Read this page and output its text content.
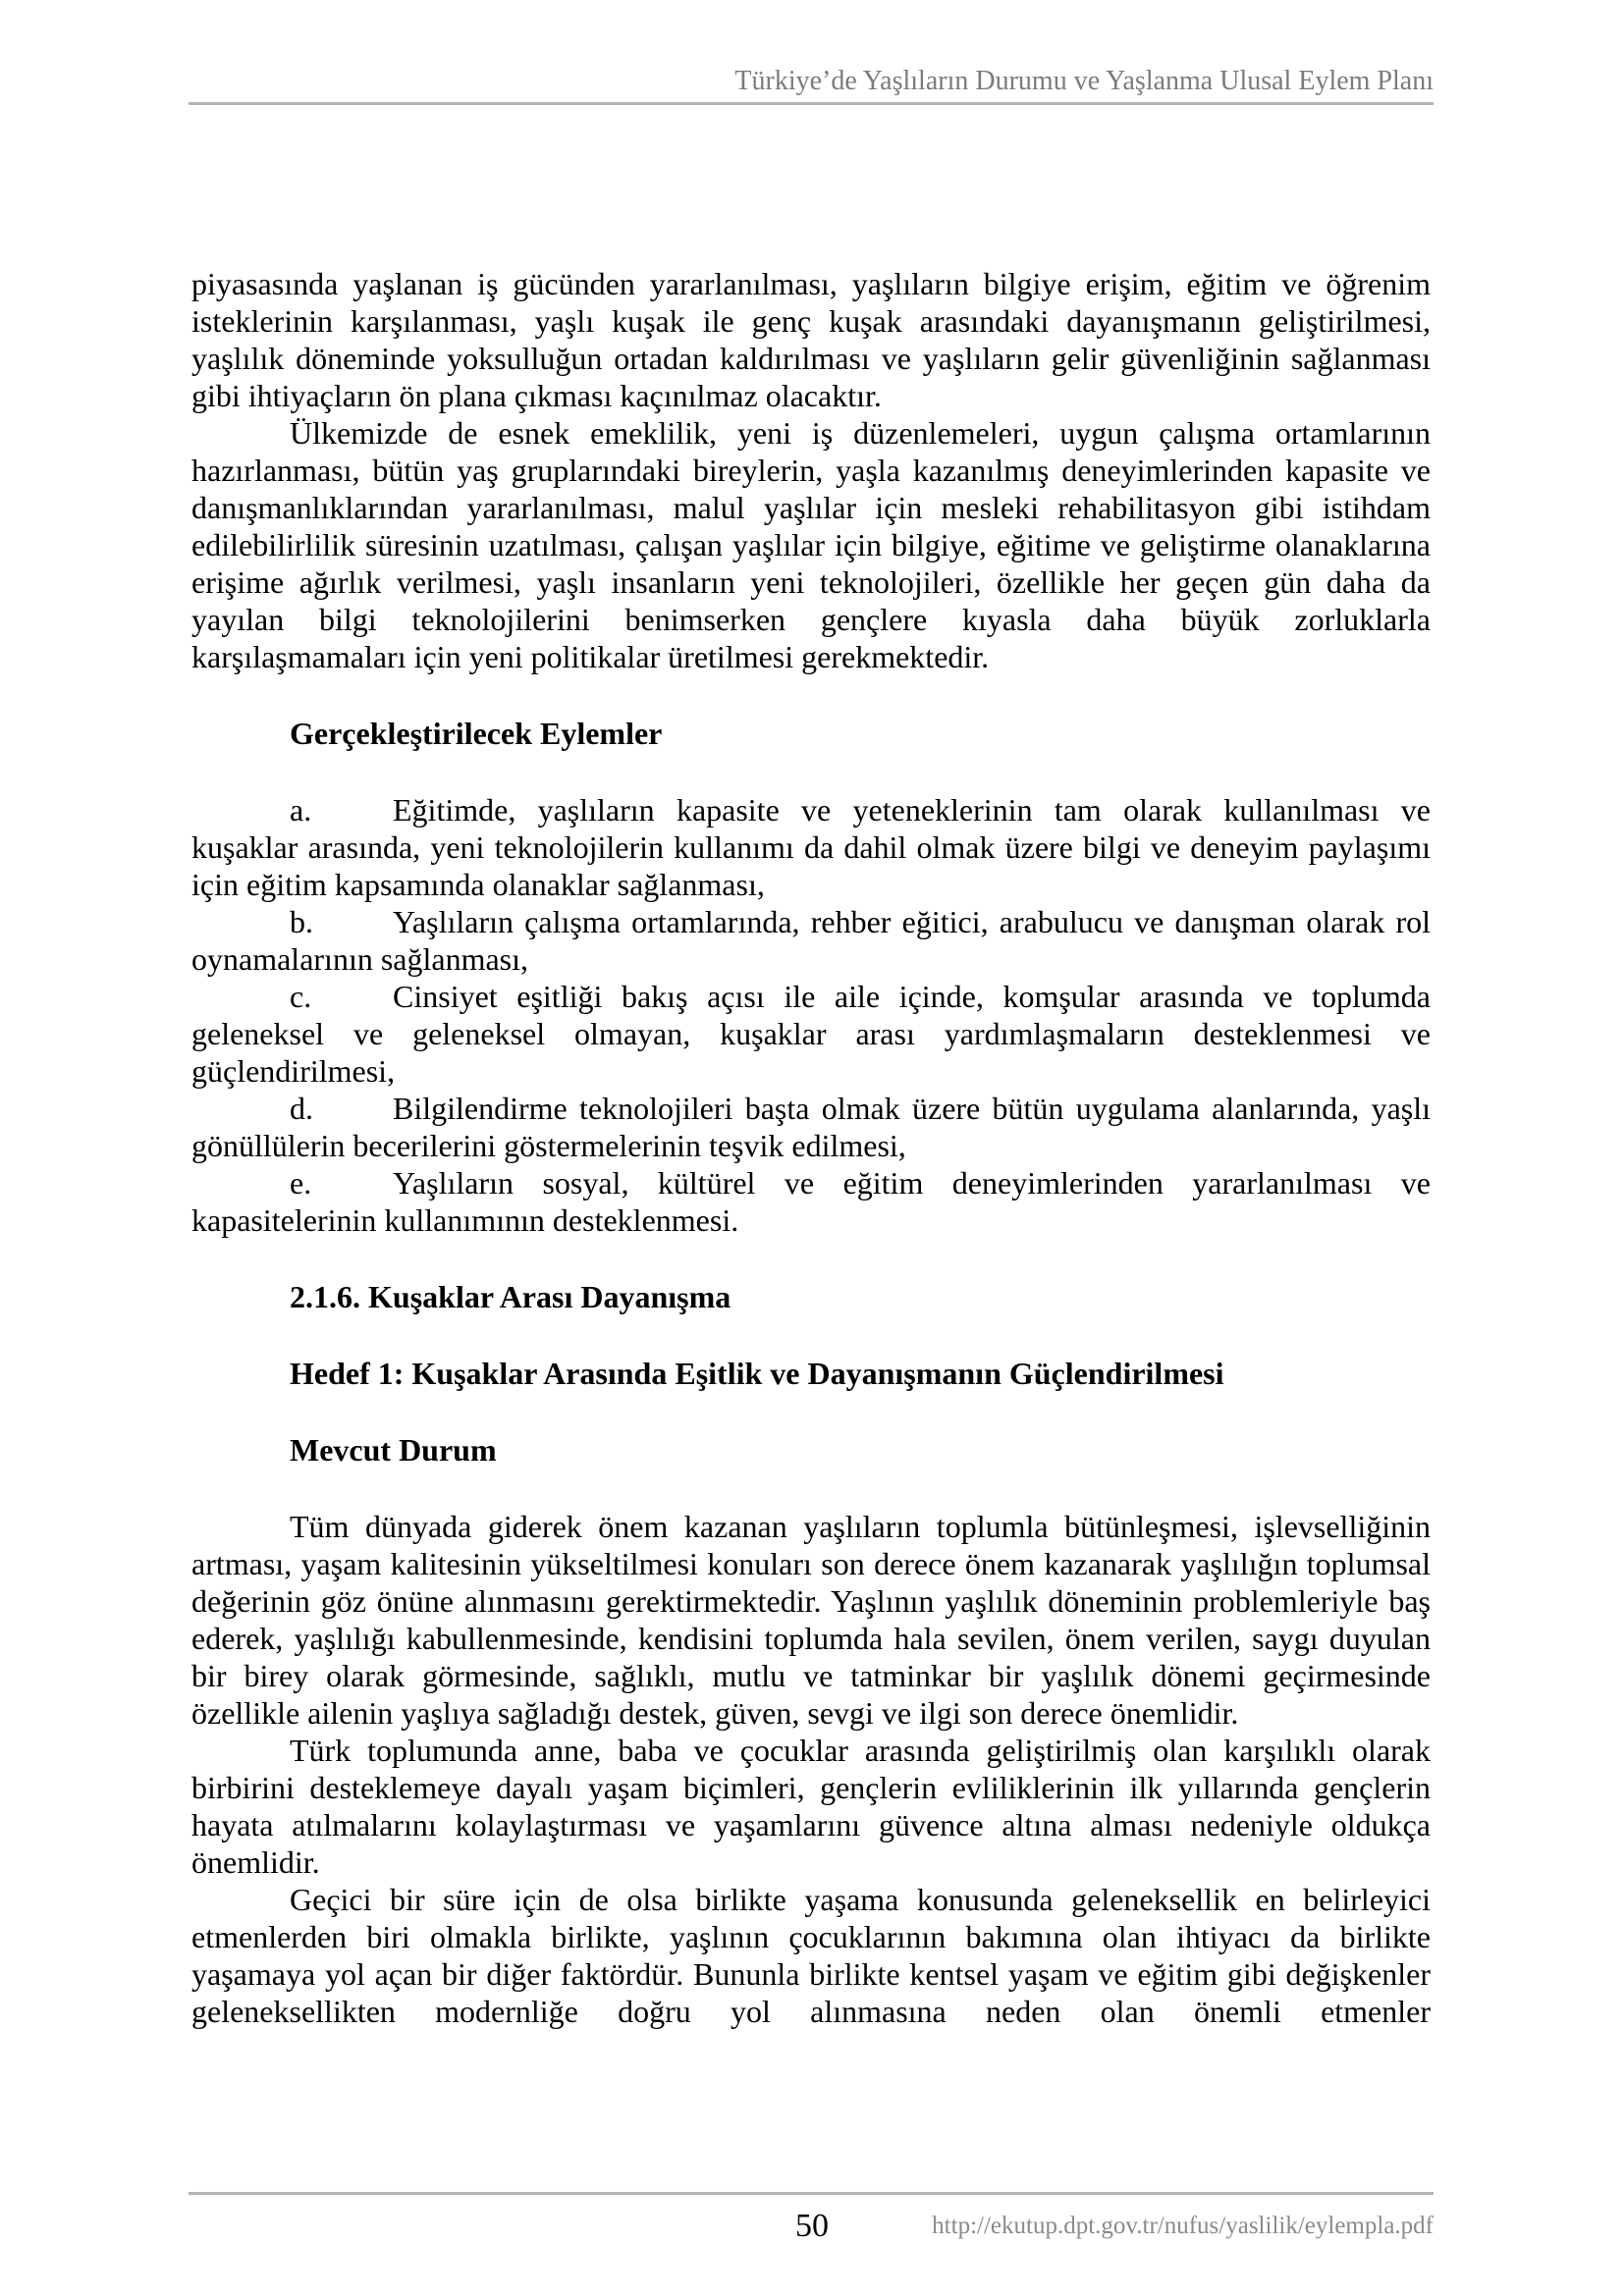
Türkiye’de Yaşlıların Durumu ve Yaşlanma Ulusal Eylem Planı

piyasasında yaşlanan iş gücünden yararlanılması, yaşlıların bilgiye erişim, eğitim ve öğrenim isteklerinin karşılanması, yaşlı kuşak ile genç kuşak arasındaki dayanışmanın geliştirilmesi, yaşlılık döneminde yoksulluğun ortadan kaldırılması ve yaşlıların gelir güvenliğinin sağlanması gibi ihtiyaçların ön plana çıkması kaçınılmaz olacaktır.

Ülkemizde de esnek emeklilik, yeni iş düzenlemeleri, uygun çalışma ortamlarının hazırlanması, bütün yaş gruplarındaki bireylerin, yaşla kazanılmış deneyimlerinden kapasite ve danışmanlıklarından yararlanılması, malul yaşlılar için mesleki rehabilitasyon gibi istihdam edilebilirlilik süresinin uzatılması, çalışan yaşlılar için bilgiye, eğitime ve geliştirme olanaklarına erişime ağırlık verilmesi, yaşlı insanların yeni teknolojileri, özellikle her geçen gün daha da yayılan bilgi teknolojilerini benimserken gençlere kıyasla daha büyük zorluklarla karşılaşmamaları için yeni politikalar üretilmesi gerekmektedir.

Gerçekleştirilecek Eylemler

a.	Eğitimde, yaşlıların kapasite ve yeteneklerinin tam olarak kullanılması ve kuşaklar arasında, yeni teknolojilerin kullanımı da dahil olmak üzere bilgi ve deneyim paylaşımı için eğitim kapsamında olanaklar sağlanması,

b.	Yaşlıların çalışma ortamlarında, rehber eğitici, arabulucu ve danışman olarak rol oynamalarının sağlanması,

c.	Cinsiyet eşitliği bakış açısı ile aile içinde, komşular arasında ve toplumda geleneksel ve geleneksel olmayan, kuşaklar arası yardımlaşmaların desteklenmesi ve güçlendirilmesi,

d.	Bilgilendirme teknolojileri başta olmak üzere bütün uygulama alanlarında, yaşlı gönüllülerin becerilerini göstermelerinin teşvik edilmesi,

e.	Yaşlıların sosyal, kültürel ve eğitim deneyimlerinden yararlanılması ve kapasitelerinin kullanımının desteklenmesi.

2.1.6. Kuşaklar Arası Dayanışma

Hedef 1: Kuşaklar Arasında Eşitlik ve Dayanışmanın Güçlendirilmesi

Mevcut Durum

Tüm dünyada giderek önem kazanan yaşlıların toplumla bütünleşmesi, işlevselliğinin artması, yaşam kalitesinin yükseltilmesi konuları son derece önem kazanarak yaşlılığın toplumsal değerinin göz önüne alınmasını gerektirmektedir. Yaşlının yaşlılık döneminin problemleriyle baş ederek, yaşlılığı kabullenmesinde, kendisini toplumda hala sevilen, önem verilen, saygı duyulan bir birey olarak görmesinde, sağlıklı, mutlu ve tatminkar bir yaşlılık dönemi geçirmesinde özellikle ailenin yaşlıya sağladığı destek, güven, sevgi ve ilgi son derece önemlidir.

Türk toplumunda anne, baba ve çocuklar arasında geliştirilmiş olan karşılıklı olarak birbirini desteklemeye dayalı yaşam biçimleri, gençlerin evliliklerinin ilk yıllarında gençlerin hayata atılmalarını kolaylaştırması ve yaşamlarını güvence altına alması nedeniyle oldukça önemlidir.

Geçici bir süre için de olsa birlikte yaşama konusunda geleneksellik en belirleyici etmenlerden biri olmakla birlikte, yaşlının çocuklarının bakımına olan ihtiyacı da birlikte yaşamaya yol açan bir diğer faktördür. Bununla birlikte kentsel yaşam ve eğitim gibi değişkenler geleneksellikten modernliğe doğru yol alınmasına neden olan önemli etmenler

50	http://ekutup.dpt.gov.tr/nufus/yaslilik/eylempla.pdf
